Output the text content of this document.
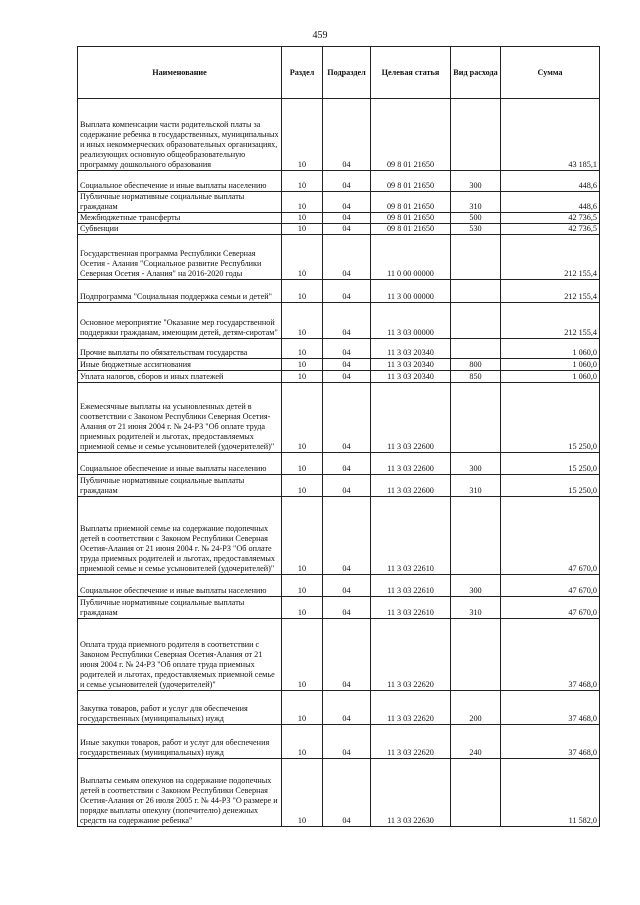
459
Наименование	Раздел	Подраздел	Целевая статья	Вид расхода	Сумма
Выплата компенсации части родительской платы за содержание ребенка в государственных, муниципальных и иных некоммерческих образовательных организациях, реализующих основную общеобразовательную программу дошкольного образования	10	04	09 8 01 21650		43 185,1
Социальное обеспечение и иные выплаты населению	10	04	09 8 01 21650	300	448,6
Публичные нормативные социальные выплаты гражданам	10	04	09 8 01 21650	310	448,6
Межбюджетные трансферты	10	04	09 8 01 21650	500	42 736,5
Субвенции	10	04	09 8 01 21650	530	42 736,5
Государственная программа Республики Северная Осетия - Алания "Социальное развитие Республики Северная Осетия - Алания" на 2016-2020 годы	10	04	11 0 00 00000		212 155,4
Подпрограмма "Социальная поддержка семьи и детей"	10	04	11 3 00 00000		212 155,4
Основное мероприятие "Оказание мер государственной поддержки гражданам, имеющим детей, детям-сиротам"	10	04	11 3 03 00000		212 155,4
Прочие выплаты по обязательствам государства	10	04	11 3 03 20340		1 060,0
Иные бюджетные ассигнования	10	04	11 3 03 20340	800	1 060,0
Уплата налогов, сборов и иных платежей	10	04	11 3 03 20340	850	1 060,0
Ежемесячные выплаты на усыновленных детей в соответствии с Законом Республики Северная Осетия-Алания от 21 июня 2004 г. № 24-РЗ "Об оплате труда приемных родителей и льготах, предоставляемых приемной семье и семье усыновителей (удочерителей)"	10	04	11 3 03 22600		15 250,0
Социальное обеспечение и иные выплаты населению	10	04	11 3 03 22600	300	15 250,0
Публичные нормативные социальные выплаты гражданам	10	04	11 3 03 22600	310	15 250,0
Выплаты приемной семье на содержание подопечных детей в соответствии с Законом Республики Северная Осетия-Алания от 21 июня 2004 г. № 24-РЗ "Об оплате труда приемных родителей и льготах, предоставляемых приемной семье и семье усыновителей (удочерителей)"	10	04	11 3 03 22610		47 670,0
Социальное обеспечение и иные выплаты населению	10	04	11 3 03 22610	300	47 670,0
Публичные нормативные социальные выплаты гражданам	10	04	11 3 03 22610	310	47 670,0
Оплата труда приемного родителя в соответствии с Законом Республики Северная Осетия-Алания от 21 июня 2004 г. № 24-РЗ "Об оплате труда приемных родителей и льготах, предоставляемых приемной семье и семье усыновителей (удочерителей)"	10	04	11 3 03 22620		37 468,0
Закупка товаров, работ и услуг для обеспечения государственных (муниципальных) нужд	10	04	11 3 03 22620	200	37 468,0
Иные закупки товаров, работ и услуг для обеспечения государственных (муниципальных) нужд	10	04	11 3 03 22620	240	37 468,0
Выплаты семьям опекунов на содержание подопечных детей в соответствии с Законом Республики Северная Осетия-Алания от 26 июля 2005 г. № 44-РЗ "О размере и порядке выплаты опекуну (попечителю) денежных средств на содержание ребенка"	10	04	11 3 03 22630		11 582,0
